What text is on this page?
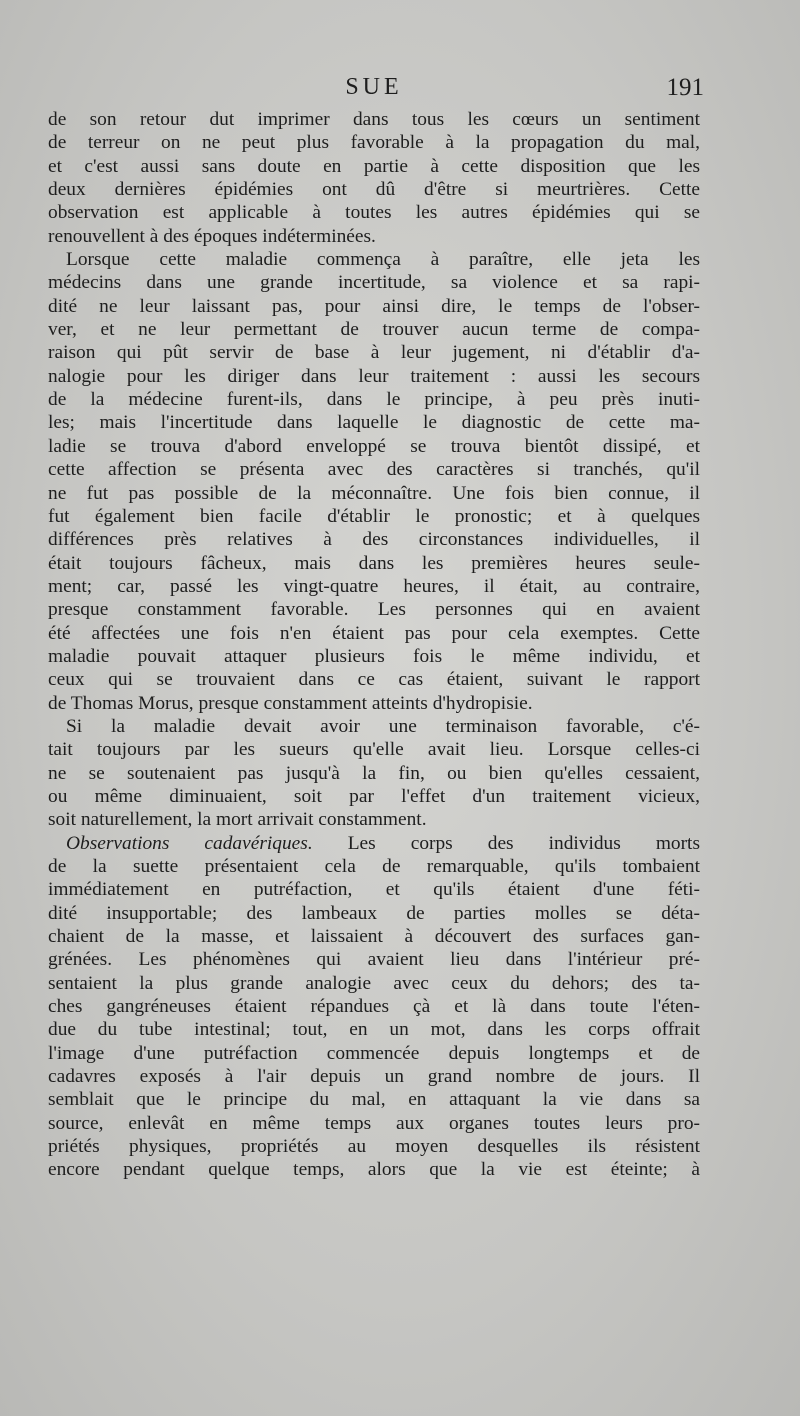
SUE	191
de son retour dut imprimer dans tous les cœurs un sentiment
de terreur on ne peut plus favorable à la propagation du mal,
et c'est aussi sans doute en partie à cette disposition que les
deux dernières épidémies ont dû d'être si meurtrières. Cette
observation est applicable à toutes les autres épidémies qui se
renouvellent à des époques indéterminées.
Lorsque cette maladie commença à paraître, elle jeta les
médecins dans une grande incertitude, sa violence et sa rapi-
dité ne leur laissant pas, pour ainsi dire, le temps de l'obser-
ver, et ne leur permettant de trouver aucun terme de compa-
raison qui pût servir de base à leur jugement, ni d'établir d'a-
nalogie pour les diriger dans leur traitement : aussi les secours
de la médecine furent-ils, dans le principe, à peu près inuti-
les; mais l'incertitude dans laquelle le diagnostic de cette ma-
ladie se trouva d'abord enveloppé se trouva bientôt dissipé, et
cette affection se présenta avec des caractères si tranchés, qu'il
ne fut pas possible de la méconnaître. Une fois bien connue, il
fut également bien facile d'établir le pronostic; et à quelques
différences près relatives à des circonstances individuelles, il
était toujours fâcheux, mais dans les premières heures seule-
ment; car, passé les vingt-quatre heures, il était, au contraire,
presque constamment favorable. Les personnes qui en avaient
été affectées une fois n'en étaient pas pour cela exemptes. Cette
maladie pouvait attaquer plusieurs fois le même individu, et
ceux qui se trouvaient dans ce cas étaient, suivant le rapport
de Thomas Morus, presque constamment atteints d'hydropisie.
Si la maladie devait avoir une terminaison favorable, c'é-
tait toujours par les sueurs qu'elle avait lieu. Lorsque celles-ci
ne se soutenaient pas jusqu'à la fin, ou bien qu'elles cessaient,
ou même diminuaient, soit par l'effet d'un traitement vicieux,
soit naturellement, la mort arrivait constamment.
Observations cadavériques. Les corps des individus morts
de la suette présentaient cela de remarquable, qu'ils tombaient
immédiatement en putréfaction, et qu'ils étaient d'une féti-
dité insupportable; des lambeaux de parties molles se déta-
chaient de la masse, et laissaient à découvert des surfaces gan-
grénées. Les phénomènes qui avaient lieu dans l'intérieur pré-
sentaient la plus grande analogie avec ceux du dehors; des ta-
ches gangréneuses étaient répandues çà et là dans toute l'éten-
due du tube intestinal; tout, en un mot, dans les corps offrait
l'image d'une putréfaction commencée depuis longtemps et de
cadavres exposés à l'air depuis un grand nombre de jours. Il
semblait que le principe du mal, en attaquant la vie dans sa
source, enlevât en même temps aux organes toutes leurs pro-
priétés physiques, propriétés au moyen desquelles ils résistent
encore pendant quelque temps, alors que la vie est éteinte; à
